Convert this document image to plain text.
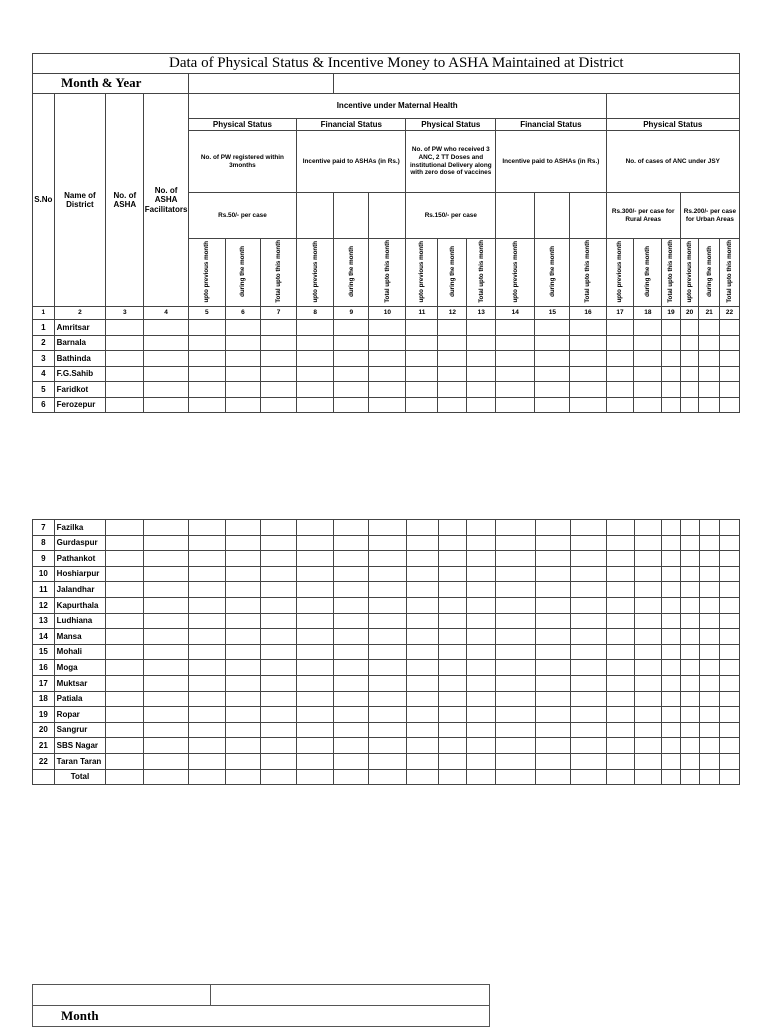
Data of Physical Status & Incentive Money to ASHA Maintained at District																					
Month & Year																					
S.No	Name of District	No. of ASHA	No. of ASHA Facilitators	Incentive under Maternal Health																	
				Physical Status			Financial Status			Physical Status			Financial Status			Physical Status					
				No. of PW registered within 3months			Incentive paid to ASHAs (in Rs.)			No. of PW who received 3 ANC, 2 TT Doses and institutional Delivery along with zero dose of vaccines			Incentive paid to ASHAs (in Rs.)			No. of cases of ANC under JSY					
				Rs.50/- per case						Rs.150/- per case						Rs.300/- per case for Rural Areas			Rs.200/- per case for Urban Areas		
				upto previous month	during the month	Total upto this month	upto previous month	during the month	Total upto this month	upto previous month	during the month	Total upto this month	upto previous month	during the month	Total upto this month	upto previous month	during the month	Total upto this month	upto previous month	during the month	Total upto this month
1	2	3	4	5	6	7	8	9	10	11	12	13	14	15	16	17	18	19	20	21	22
1	Amritsar																				
2	Barnala																				
3	Bathinda																				
4	F.G.Sahib																				
5	Faridkot																				
6	Ferozepur																				
7	Fazilka																				
8	Gurdaspur																				
9	Pathankot																				
10	Hoshiarpur																				
11	Jalandhar																				
12	Kapurthala																				
13	Ludhiana																				
14	Mansa																				
15	Mohali																				
16	Moga																				
17	Muktsar																				
18	Patiala																				
19	Ropar																				
20	Sangrur																				
21	SBS Nagar																				
22	Taran Taran																				
	Total																				

Month
